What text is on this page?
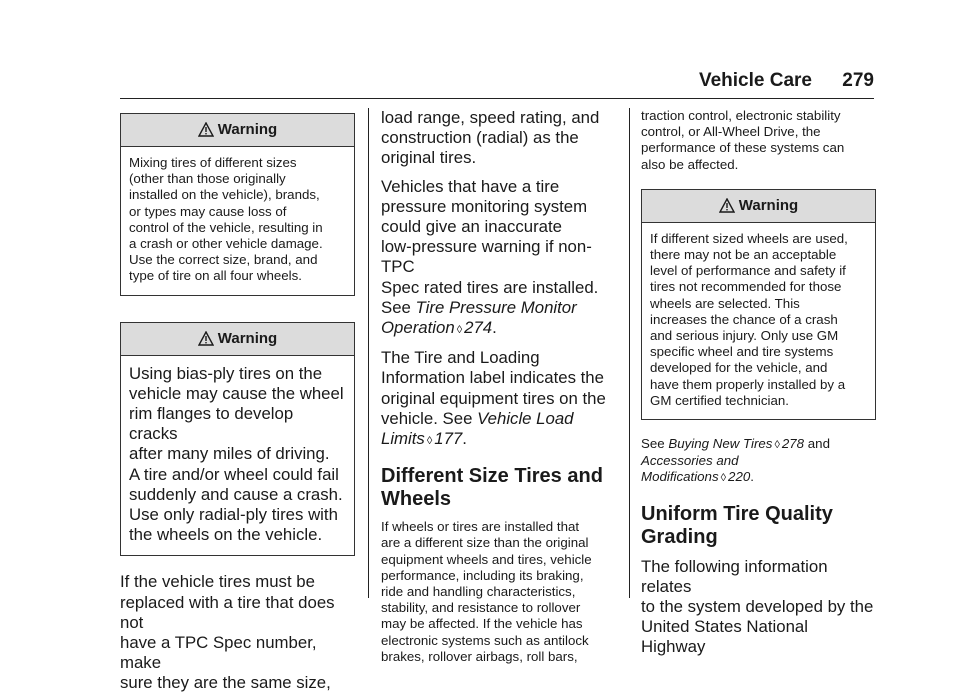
Vehicle Care 279
Warning
Mixing tires of different sizes
(other than those originally
installed on the vehicle), brands,
or types may cause loss of
control of the vehicle, resulting in
a crash or other vehicle damage.
Use the correct size, brand, and
type of tire on all four wheels.
Warning
Using bias-ply tires on the
vehicle may cause the wheel
rim flanges to develop cracks
after many miles of driving.
A tire and/or wheel could fail
suddenly and cause a crash.
Use only radial-ply tires with
the wheels on the vehicle.
If the vehicle tires must be
replaced with a tire that does not
have a TPC Spec number, make
sure they are the same size,

load range, speed rating, and
construction (radial) as the
original tires.

Vehicles that have a tire
pressure monitoring system
could give an inaccurate
low-pressure warning if non-TPC
Spec rated tires are installed.
See Tire Pressure Monitor
Operation ◊ 274.

The Tire and Loading
Information label indicates the
original equipment tires on the
vehicle. See Vehicle Load
Limits ◊ 177.

Different Size Tires and
Wheels
If wheels or tires are installed that
are a different size than the original
equipment wheels and tires, vehicle
performance, including its braking,
ride and handling characteristics,
stability, and resistance to rollover
may be affected. If the vehicle has
electronic systems such as antilock
brakes, rollover airbags, roll bars,
traction control, electronic stability
control, or All-Wheel Drive, the
performance of these systems can
also be affected.
Warning
If different sized wheels are used,
there may not be an acceptable
level of performance and safety if
tires not recommended for those
wheels are selected. This
increases the chance of a crash
and serious injury. Only use GM
specific wheel and tire systems
developed for the vehicle, and
have them properly installed by a
GM certified technician.
See Buying New Tires ◊ 278 and
Accessories and
Modifications ◊ 220.
Uniform Tire Quality
Grading
The following information relates
to the system developed by the
United States National Highway
